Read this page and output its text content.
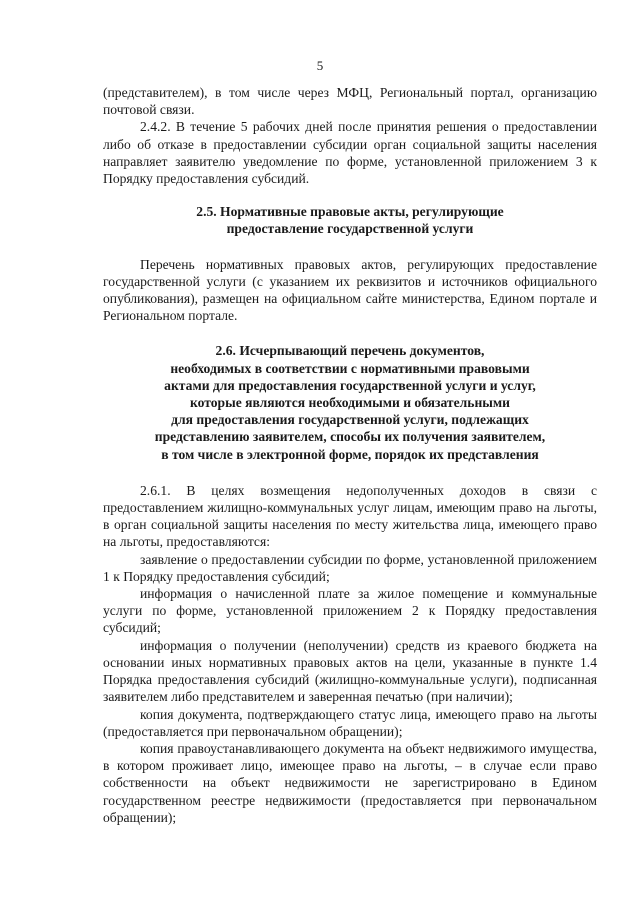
5

(представителем), в том числе через МФЦ, Региональный портал, организацию почтовой связи.

2.4.2. В течение 5 рабочих дней после принятия решения о предоставлении либо об отказе в предоставлении субсидии орган социальной защиты населения направляет заявителю уведомление по форме, установленной приложением 3 к Порядку предоставления субсидий.

2.5. Нормативные правовые акты, регулирующие
предоставление государственной услуги

Перечень нормативных правовых актов, регулирующих предоставление государственной услуги (с указанием их реквизитов и источников официального опубликования), размещен на официальном сайте министерства, Едином портале и Региональном портале.

2.6. Исчерпывающий перечень документов,
необходимых в соответствии с нормативными правовыми
актами для предоставления государственной услуги и услуг,
которые являются необходимыми и обязательными
для предоставления государственной услуги, подлежащих
представлению заявителем, способы их получения заявителем,
в том числе в электронной форме, порядок их представления

2.6.1. В целях возмещения недополученных доходов в связи с предоставлением жилищно-коммунальных услуг лицам, имеющим право на льготы, в орган социальной защиты населения по месту жительства лица, имеющего право на льготы, предоставляются:

заявление о предоставлении субсидии по форме, установленной приложением 1 к Порядку предоставления субсидий;

информация о начисленной плате за жилое помещение и коммунальные услуги по форме, установленной приложением 2 к Порядку предоставления субсидий;

информация о получении (неполучении) средств из краевого бюджета на основании иных нормативных правовых актов на цели, указанные в пункте 1.4 Порядка предоставления субсидий (жилищно-коммунальные услуги), подписанная заявителем либо представителем и заверенная печатью (при наличии);

копия документа, подтверждающего статус лица, имеющего право на льготы (предоставляется при первоначальном обращении);

копия правоустанавливающего документа на объект недвижимого имущества, в котором проживает лицо, имеющее право на льготы, – в случае если право собственности на объект недвижимости не зарегистрировано в Едином государственном реестре недвижимости (предоставляется при первоначальном обращении);
